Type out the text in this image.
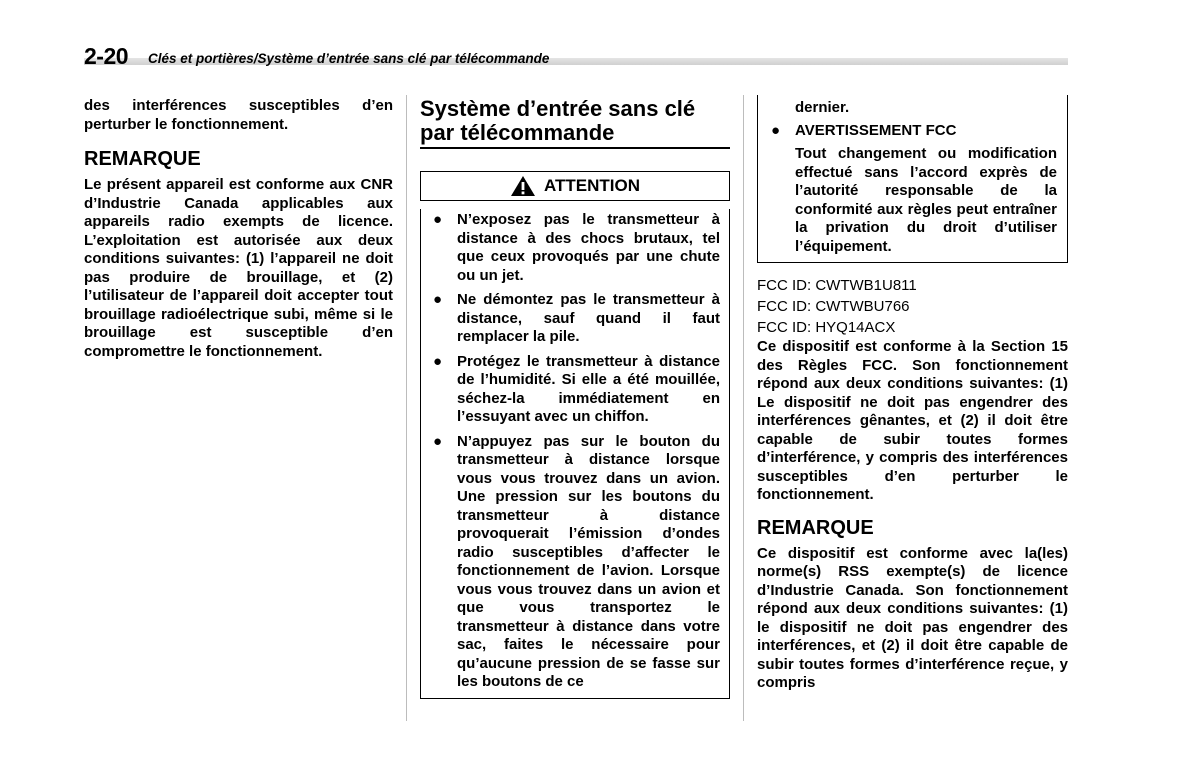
2-20 Clés et portières/Système d’entrée sans clé par télécommande

des interférences susceptibles d’en perturber le fonctionnement.

REMARQUE

Le présent appareil est conforme aux CNR d’Industrie Canada applicables aux appareils radio exempts de licence. L’exploitation est autorisée aux deux conditions suivantes: (1) l’appareil ne doit pas produire de brouillage, et (2) l’utilisateur de l’appareil doit accepter tout brouillage radioélectrique subi, même si le brouillage est susceptible d’en compromettre le fonctionnement.

Système d’entrée sans clé par télécommande
ATTENTION
● N’exposez pas le transmetteur à distance à des chocs brutaux, tel que ceux provoqués par une chute ou un jet.

● Ne démontez pas le transmetteur à distance, sauf quand il faut remplacer la pile.

● Protégez le transmetteur à distance de l’humidité. Si elle a été mouillée, séchez-la immédiatement en l’essuyant avec un chiffon.

● N’appuyez pas sur le bouton du transmetteur à distance lorsque vous vous trouvez dans un avion. Une pression sur les boutons du transmetteur à distance provoquerait l’émission d’ondes radio susceptibles d’affecter le fonctionnement de l’avion. Lorsque vous vous trouvez dans un avion et que vous transportez le transmetteur à distance dans votre sac, faites le nécessaire pour qu’aucune pression de se fasse sur les boutons de ce

dernier.

● AVERTISSEMENT FCC

Tout changement ou modification effectué sans l’accord exprès de l’autorité responsable de la conformité aux règles peut entraîner la privation du droit d’utiliser l’équipement.

FCC ID: CWTWB1U811

FCC ID: CWTWBU766

FCC ID: HYQ14ACX

Ce dispositif est conforme à la Section 15 des Règles FCC. Son fonctionnement répond aux deux conditions suivantes: (1) Le dispositif ne doit pas engendrer des interférences gênantes, et (2) il doit être capable de subir toutes formes d’interférence, y compris des interférences susceptibles d’en perturber le fonctionnement.

REMARQUE

Ce dispositif est conforme avec la(les) norme(s) RSS exempte(s) de licence d’Industrie Canada. Son fonctionnement répond aux deux conditions suivantes: (1) le dispositif ne doit pas engendrer des interférences, et (2) il doit être capable de subir toutes formes d’interférence reçue, y compris
